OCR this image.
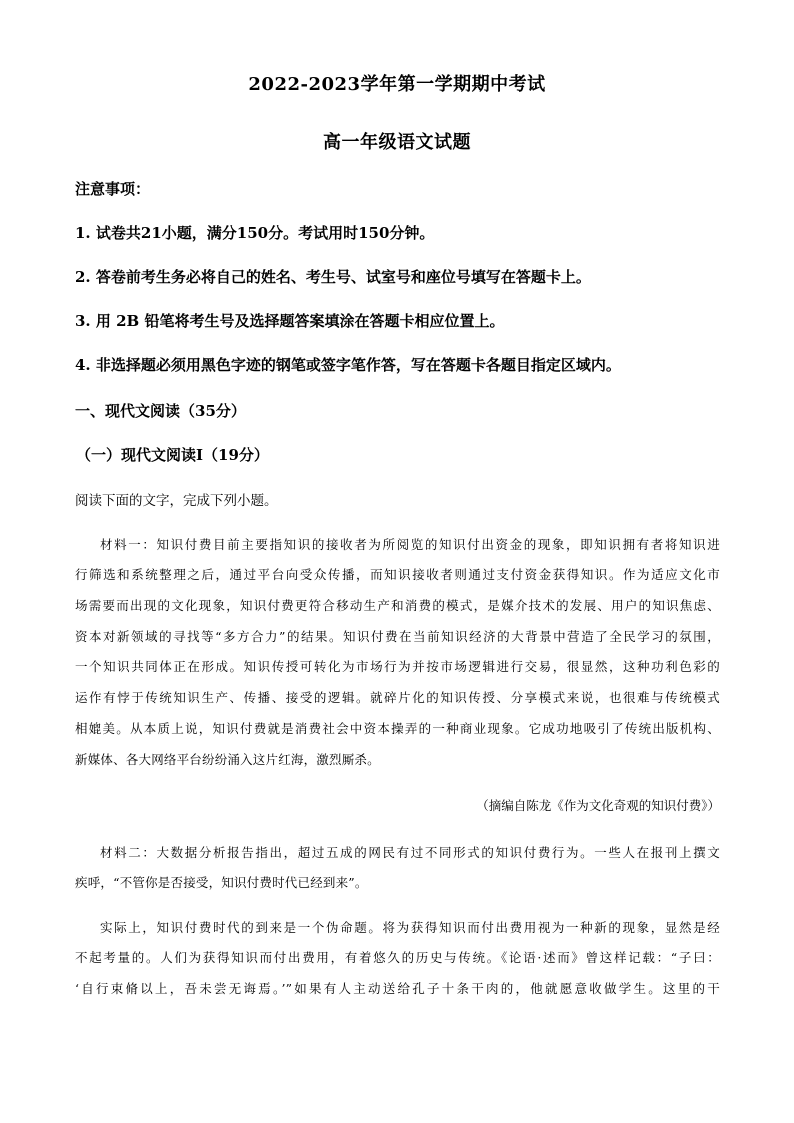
2022-2023学年第一学期期中考试
高一年级语文试题
注意事项：
1. 试卷共21小题，满分150分。考试用时150分钟。
2. 答卷前考生务必将自己的姓名、考生号、试室号和座位号填写在答题卡上。
3. 用 2B 铅笔将考生号及选择题答案填涂在答题卡相应位置上。
4. 非选择题必须用黑色字迹的钢笔或签字笔作答，写在答题卡各题目指定区域内。
一、现代文阅读（35分）
（一）现代文阅读Ⅰ（19分）
阅读下面的文字，完成下列小题。
材料一：知识付费目前主要指知识的接收者为所阅览的知识付出资金的现象，即知识拥有者将知识进
行筛选和系统整理之后，通过平台向受众传播，而知识接收者则通过支付资金获得知识。作为适应文化市
场需要而出现的文化现象，知识付费更符合移动生产和消费的模式，是媒介技术的发展、用户的知识焦虑、
资本对新领域的寻找等“多方合力”的结果。知识付费在当前知识经济的大背景中营造了全民学习的氛围，
一个知识共同体正在形成。知识传授可转化为市场行为并按市场逻辑进行交易，很显然，这种功利色彩的
运作有悖于传统知识生产、传播、接受的逻辑。就碎片化的知识传授、分享模式来说，也很难与传统模式
相媲美。从本质上说，知识付费就是消费社会中资本操弄的一种商业现象。它成功地吸引了传统出版机构、
新媒体、各大网络平台纷纷涌入这片红海，激烈厮杀。
（摘编自陈龙《作为文化奇观的知识付费》）
材料二：大数据分析报告指出，超过五成的网民有过不同形式的知识付费行为。一些人在报刊上撰文
疾呼，“不管你是否接受，知识付费时代已经到来”。
实际上，知识付费时代的到来是一个伪命题。将为获得知识而付出费用视为一种新的现象，显然是经
不起考量的。人们为获得知识而付出费用，有着悠久的历史与传统。《论语·述而》曾这样记载：“子曰：
‘自行束脩以上，吾未尝无诲焉。’”如果有人主动送给孔子十条干肉的，他就愿意收做学生。这里的干
